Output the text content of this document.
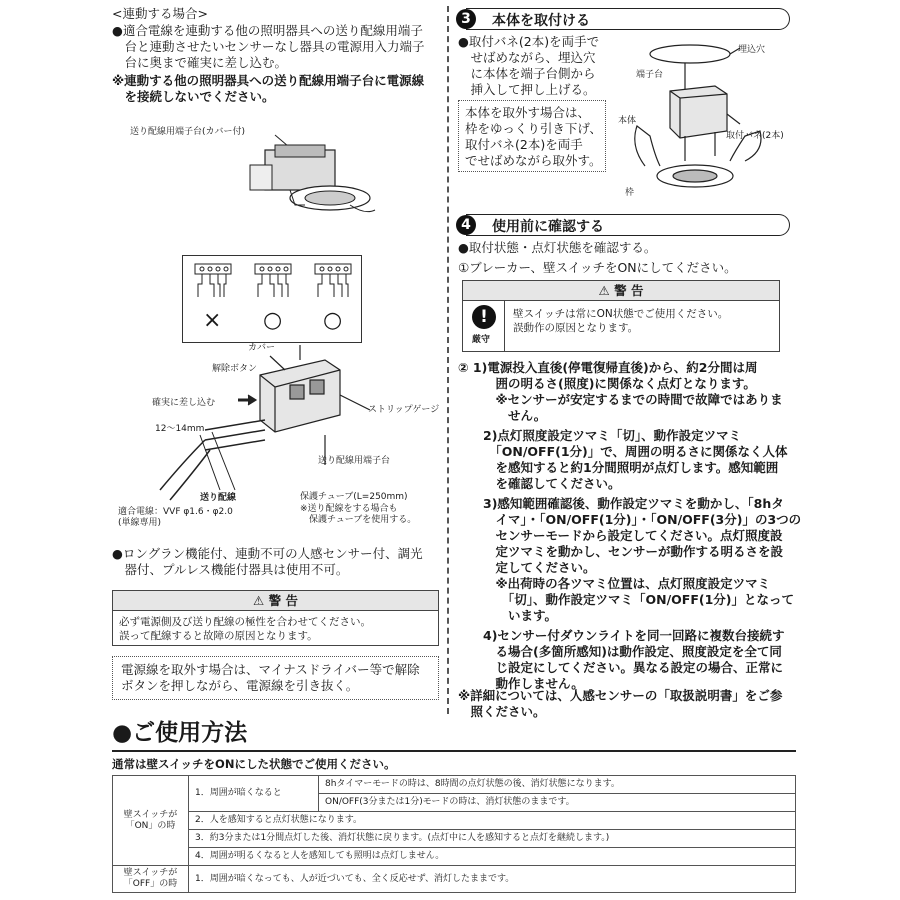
<連動する場合>
●適合電線を連動する他の照明器具への送り配線用端子
　台と連動させたいセンサーなし器具の電源用入力端子
　台に奥まで確実に差し込む。
※連動する他の照明器具への送り配線用端子台に電源線
　を接続しないでください。
送り配線用端子台(カバー付)
× ○ ○
カバー
解除ボタン
確実に差し込む
12～14mm
ストリップゲージ
送り配線用端子台
送り配線
適合電線：VVF φ1.6・φ2.0
(単線専用)
保護チューブ(L=250mm)
※送り配線をする場合も
　保護チューブを使用する。
●ロングラン機能付、連動不可の人感センサー付、調光
　器付、プルレス機能付器具は使用不可。
⚠ 警 告
必ず電源側及び送り配線の極性を合わせてください。
誤って配線すると故障の原因となります。
電源線を取外す場合は、マイナスドライバー等で解除
ボタンを押しながら、電源線を引き抜く。
3	本体を取付ける
●取付バネ(2本)を両手で
　せばめながら、埋込穴
　に本体を端子台側から
　挿入して押し上げる。
本体を取外す場合は、
枠をゆっくり引き下げ、
取付バネ(2本)を両手
でせばめながら取外す。
埋込穴
端子台
本体
取付バネ(2本)
枠
4	使用前に確認する
●取付状態・点灯状態を確認する。
①ブレーカー、壁スイッチをONにしてください。
⚠ 警 告
!
厳守
壁スイッチは常にON状態でご使用ください。
誤動作の原因となります。
② 1)電源投入直後(停電復帰直後)から、約2分間は周
　　　囲の明るさ(照度)に関係なく点灯となります。
　　　※センサーが安定するまでの時間で故障ではありま
　　　　せん。
　　2)点灯照度設定ツマミ「切」、動作設定ツマミ
　　　「ON/OFF(1分)」で、周囲の明るさに関係なく人体
　　　を感知すると約1分間照明が点灯します。感知範囲
　　　を確認してください。
　　3)感知範囲確認後、動作設定ツマミを動かし、「8hタ
　　　イマ」・「ON/OFF(1分)」・「ON/OFF(3分)」の3つの
　　　センサーモードから設定してください。点灯照度設
　　　定ツマミを動かし、センサーが動作する明るさを設
　　　定してください。
　　　※出荷時の各ツマミ位置は、点灯照度設定ツマミ
　　　　「切」、動作設定ツマミ「ON/OFF(1分)」となって
　　　　います。
　　4)センサー付ダウンライトを同一回路に複数台接続す
　　　る場合(多箇所感知)は動作設定、照度設定を全て同
　　　じ設定にしてください。異なる設定の場合、正常に
　　　動作しません。
※詳細については、人感センサーの「取扱説明書」をご参
　照ください。
●ご使用方法
通常は壁スイッチをONにした状態でご使用ください。
壁スイッチが
「ON」の時	1．周囲が暗くなると	8hタイマーモードの時は、8時間の点灯状態の後、消灯状態になります。
		ON/OFF(3分または1分)モードの時は、消灯状態のままです。
	2．人を感知すると点灯状態になります。	
	3．約3分または1分間点灯した後、消灯状態に戻ります。(点灯中に人を感知すると点灯を継続します。)	
	4．周囲が明るくなると人を感知しても照明は点灯しません。	

壁スイッチが
「OFF」の時	1．周囲が暗くなっても、人が近づいても、全く反応せず、消灯したままです。	
